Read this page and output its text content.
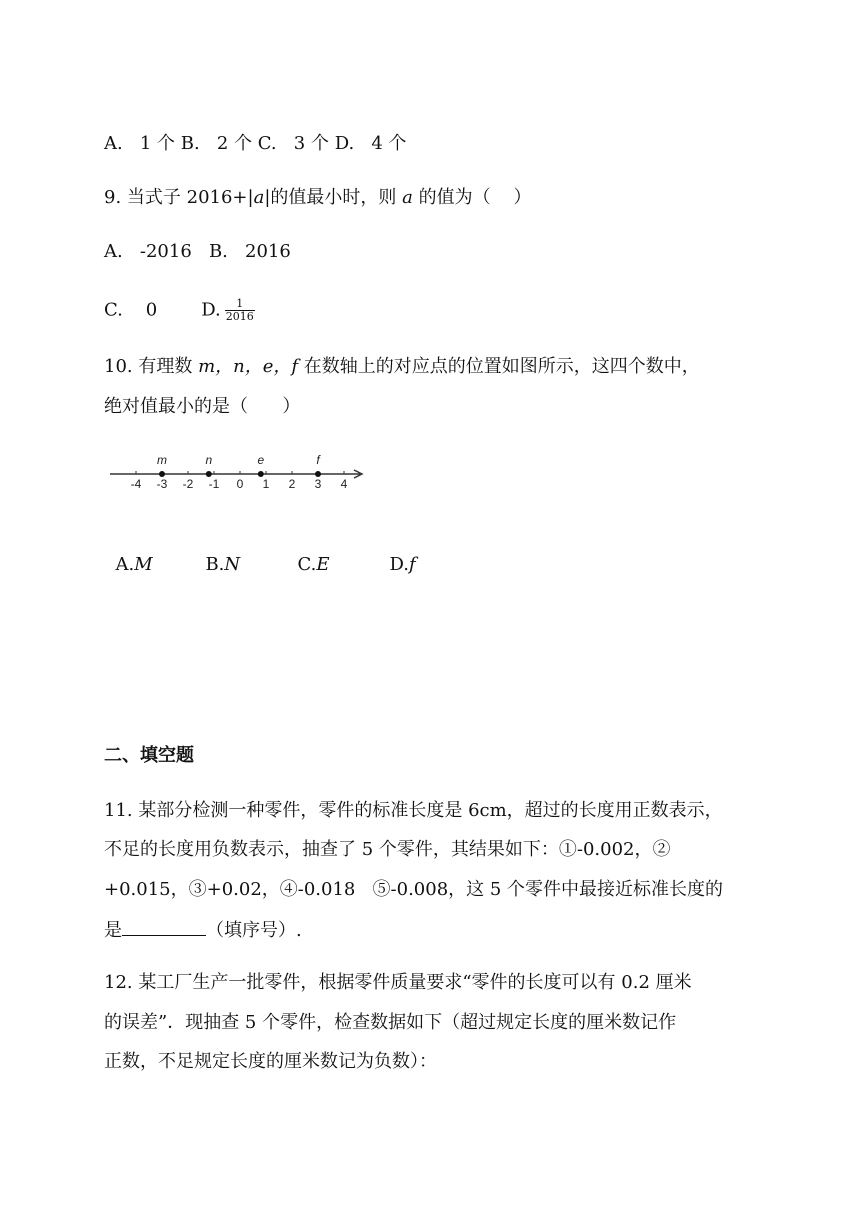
A.   1 个 B.   2 个 C.   3 个 D.   4 个
9. 当式子 2016+|a|的值最小时，则 a 的值为（    ）
A.   -2016   B.   2016
C.    0 D. $\frac{1}{2016}$
10. 有理数 m，n，e，f 在数轴上的对应点的位置如图所示，这四个数中，
绝对值最小的是（      ）
-4 -3 -2 -1 0 1 2 3 4
m	n	e	f

A.M	B.N	C.E	D.f

二、填空题
11. 某部分检测一种零件，零件的标准长度是 6cm，超过的长度用正数表示，
不足的长度用负数表示，抽查了 5 个零件，其结果如下：①-0.002，②
+0.015，③+0.02，④-0.018   ⑤-0.008，这 5 个零件中最接近标准长度的
是	（填序号）.
12. 某工厂生产一批零件，根据零件质量要求“零件的长度可以有 0.2 厘米
的误差”．现抽查 5 个零件，检查数据如下（超过规定长度的厘米数记作
正数，不足规定长度的厘米数记为负数）：
